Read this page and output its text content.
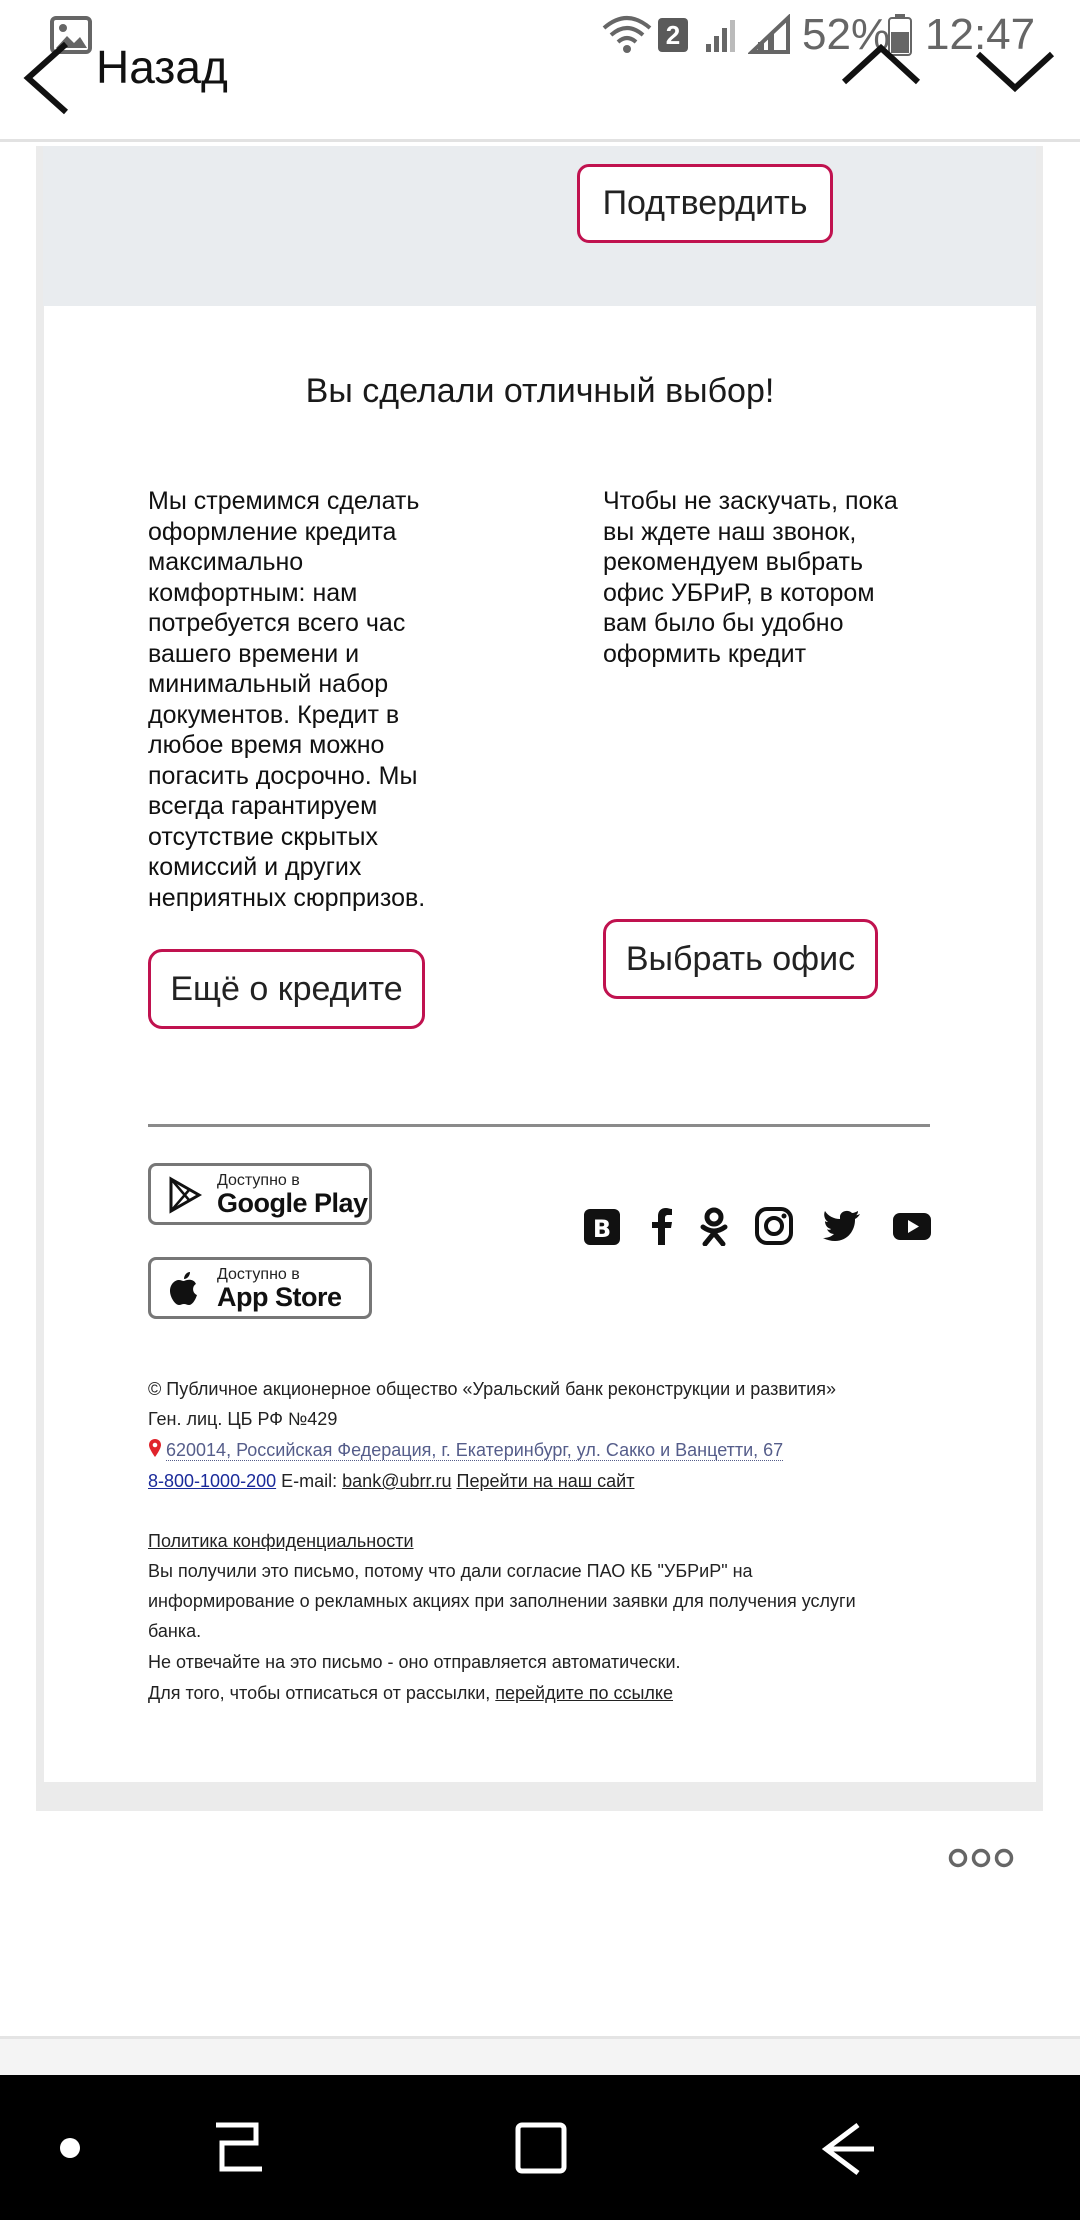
2	52% 12:47
Назад
Подтвердить
Вы сделали отличный выбор!
Мы стремимся сделать
оформление кредита
максимально
комфортным: нам
потребуется всего час
вашего времени и
минимальный набор
документов. Кредит в
любое время можно
погасить досрочно. Мы
всегда гарантируем
отсутствие скрытых
комиссий и других
неприятных сюрпризов.
Чтобы не заскучать, пока
вы ждете наш звонок,
рекомендуем выбрать
офис УБРиР, в котором
вам было бы удобно
оформить кредит
Ещё о кредите
Выбрать офис
Доступно в
Google Play
Доступно в
App Store
B
© Публичное акционерное общество «Уральский банк реконструкции и развития»
Ген. лиц. ЦБ РФ №429
620014, Российская Федерация, г. Екатеринбург, ул. Сакко и Ванцетти, 67
8-800-1000-200 E-mail: bank@ubrr.ru Перейти на наш сайт
Политика конфиденциальности
Вы получили это письмо, потому что дали согласие ПАО КБ "УБРиР" на
информирование о рекламных акциях при заполнении заявки для получения услуги
банка.
Не отвечайте на это письмо - оно отправляется автоматически.
Для того, чтобы отписаться от рассылки, перейдите по ссылке
